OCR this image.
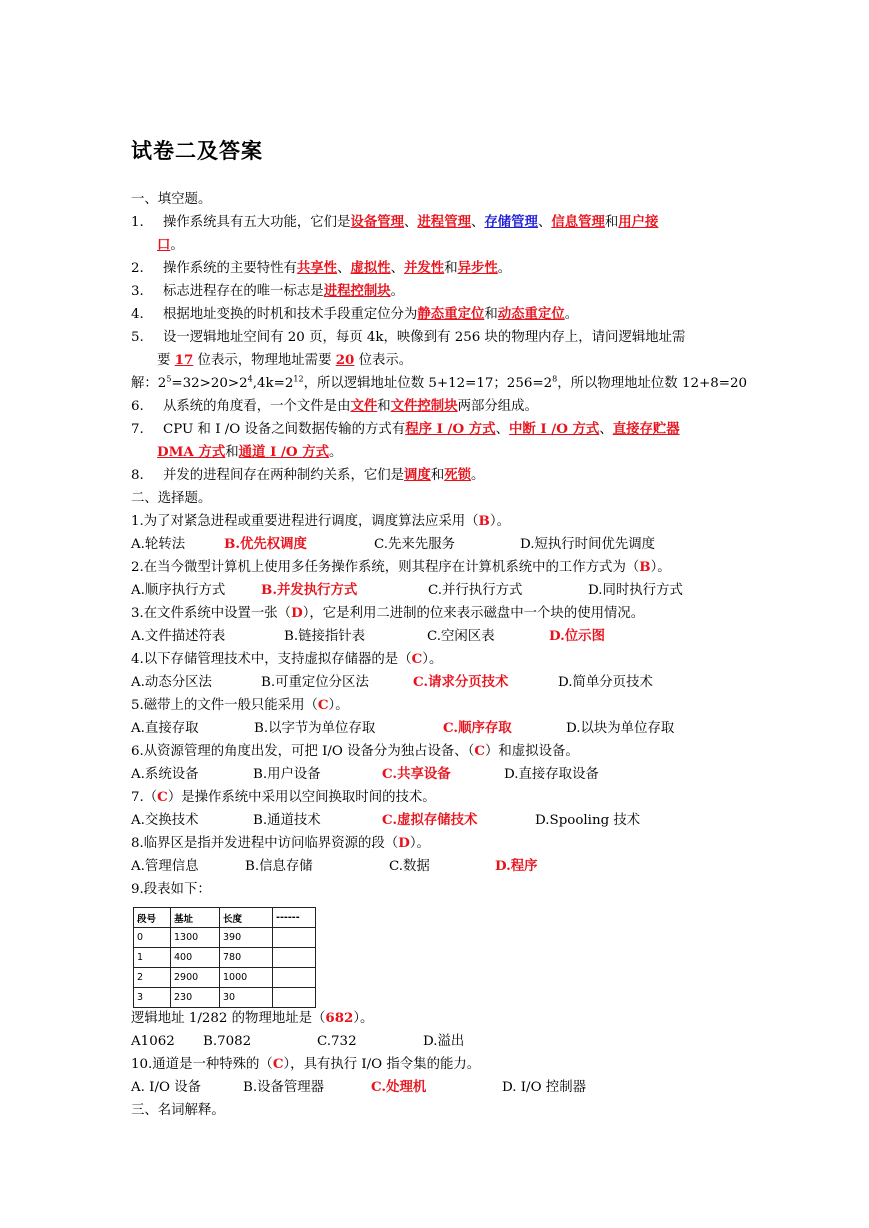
试卷二及答案
一、填空题。
1. 操作系统具有五大功能，它们是设备管理、进程管理、存储管理、信息管理和用户接
口。
2. 操作系统的主要特性有共享性、虚拟性、并发性和异步性。
3. 标志进程存在的唯一标志是进程控制块。
4. 根据地址变换的时机和技术手段重定位分为静态重定位和动态重定位。
5. 设一逻辑地址空间有 20 页，每页 4k，映像到有 256 块的物理内存上，请问逻辑地址需
要 17 位表示，物理地址需要 20 位表示。
解：$2^5=32>20>2^4,4k=2^{12}$，所以逻辑地址位数 5+12=17；$256=2^8$，所以物理地址位数 12+8=20
6. 从系统的角度看，一个文件是由文件和文件控制块两部分组成。
7. CPU 和 I /O 设备之间数据传输的方式有程序 I /O 方式、中断 I /O 方式、直接存贮器
DMA 方式和通道 I /O 方式。
8. 并发的进程间存在两种制约关系，它们是调度和死锁。
二、选择题。
1.为了对紧急进程或重要进程进行调度，调度算法应采用（B）。
A.轮转法	B.优先权调度	C.先来先服务	D.短执行时间优先调度
2.在当今微型计算机上使用多任务操作系统，则其程序在计算机系统中的工作方式为（B）。
A.顺序执行方式	B.并发执行方式	C.并行执行方式	D.同时执行方式
3.在文件系统中设置一张（D），它是利用二进制的位来表示磁盘中一个块的使用情况。
A.文件描述符表	B.链接指针表	C.空闲区表	D.位示图
4.以下存储管理技术中，支持虚拟存储器的是（C）。
A.动态分区法	B.可重定位分区法	C.请求分页技术	D.简单分页技术
5.磁带上的文件一般只能采用（C）。
A.直接存取	B.以字节为单位存取	C.顺序存取	D.以块为单位存取
6.从资源管理的角度出发，可把 I/O 设备分为独占设备、（C）和虚拟设备。
A.系统设备	B.用户设备	C.共享设备	D.直接存取设备
7.（C）是操作系统中采用以空间换取时间的技术。
A.交换技术	B.通道技术	C.虚拟存储技术	D.Spooling 技术
8.临界区是指并发进程中访问临界资源的段（D）。
A.管理信息	B.信息存储	C.数据	D.程序
9.段表如下：
段号	基址	长度	------
0	1300	390	
1	400	780	
2	2900	1000	
3	230	30	
逻辑地址 1/282 的物理地址是（682）。
A1062 B.7082	C.732	D.溢出
10.通道是一种特殊的（C），具有执行 I/O 指令集的能力。
A. I/O 设备	B.设备管理器	C.处理机	D. I/O 控制器
三、名词解释。
